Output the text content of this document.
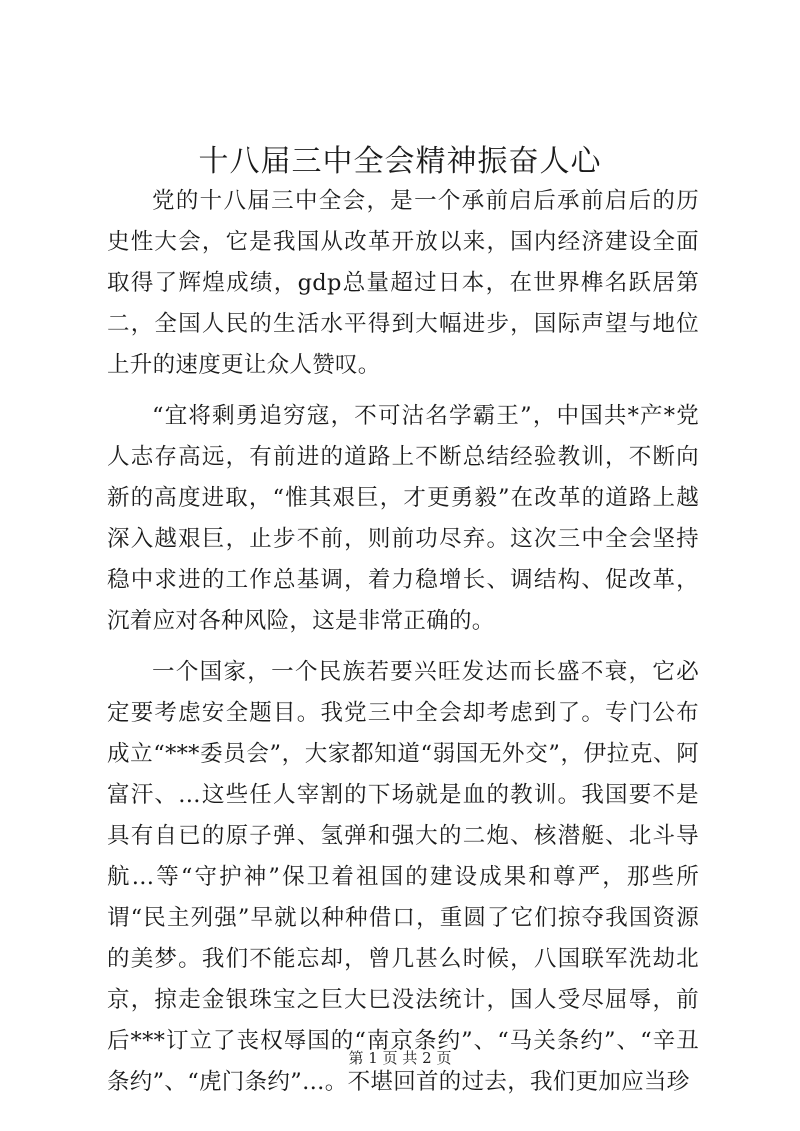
十八届三中全会精神振奋人心

党的十八届三中全会，是一个承前启后承前启后的历史性大会，它是我国从改革开放以来，国内经济建设全面取得了辉煌成绩，gdp总量超过日本，在世界榫名跃居第二，全国人民的生活水平得到大幅进步，国际声望与地位上升的速度更让众人赞叹。

“宜将剩勇追穷寇，不可沽名学霸王”，中国共*产*党人志存高远，有前进的道路上不断总结经验教训，不断向新的高度进取，“惟其艰巨，才更勇毅”在改革的道路上越深入越艰巨，止步不前，则前功尽弃。这次三中全会坚持稳中求进的工作总基调，着力稳增长、调结构、促改革，沉着应对各种风险，这是非常正确的。

一个国家，一个民族若要兴旺发达而长盛不衰，它必定要考虑安全题目。我党三中全会却考虑到了。专门公布成立“***委员会”，大家都知道“弱国无外交”，伊拉克、阿富汗、…这些任人宰割的下场就是血的教训。我国要不是具有自已的原子弹、氢弹和强大的二炮、核潜艇、北斗导航…等“守护神”保卫着祖国的建设成果和尊严，那些所谓“民主列强”早就以种种借口，重圆了它们掠夺我国资源的美梦。我们不能忘却，曾几甚么时候，八国联军洗劫北京，掠走金银珠宝之巨大巳没法统计，国人受尽屈辱，前后***订立了丧权辱国的“南京条约”、“马关条约”、“辛丑条约”、“虎门条约”…。不堪回首的过去，我们更加应当珍

第 1 页 共 2 页
